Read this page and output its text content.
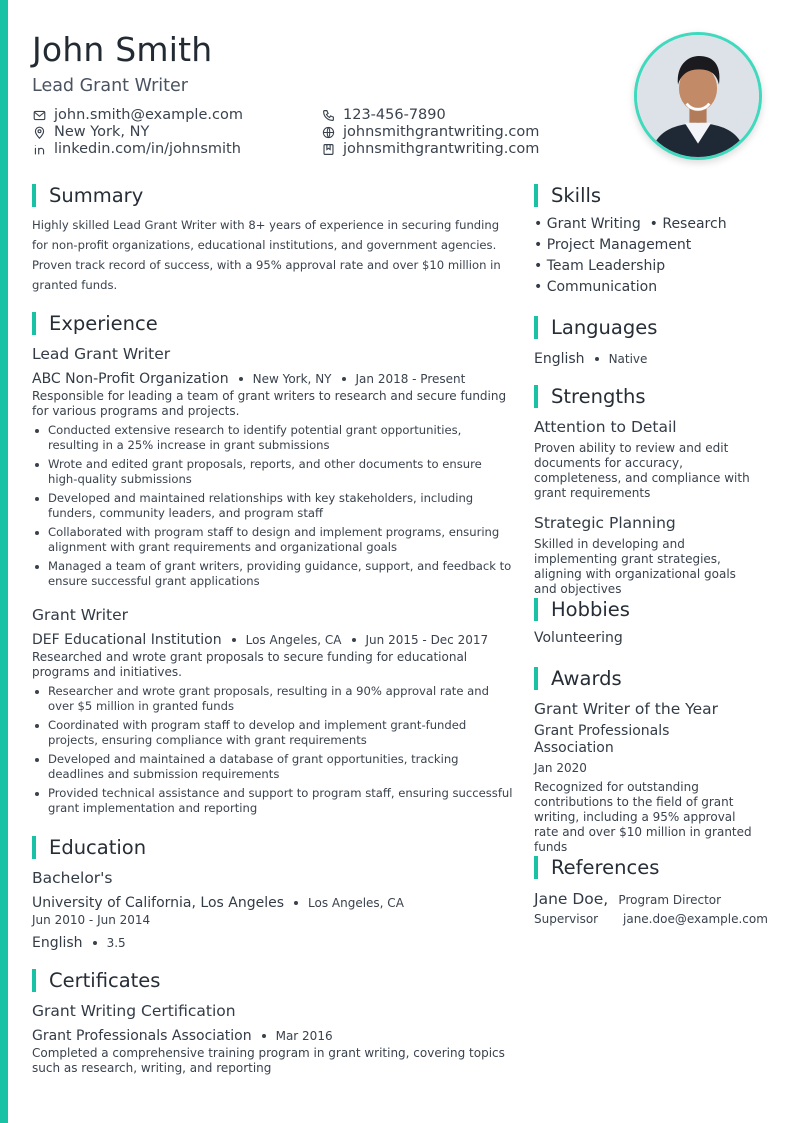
John Smith
Lead Grant Writer
john.smith@example.com
New York, NY
linkedin.com/in/johnsmith
123-456-7890
johnsmithgrantwriting.com
johnsmithgrantwriting.com
Summary
Highly skilled Lead Grant Writer with 8+ years of experience in securing funding
for non-profit organizations, educational institutions, and government agencies.
Proven track record of success, with a 95% approval rate and over $10 million in
granted funds.
Experience
Lead Grant Writer
ABC Non-Profit Organization New York, NY Jan 2018 - Present
Responsible for leading a team of grant writers to research and secure funding for various programs and projects.
Conducted extensive research to identify potential grant opportunities, resulting in a 25% increase in grant submissions
Wrote and edited grant proposals, reports, and other documents to ensure high-quality submissions
Developed and maintained relationships with key stakeholders, including funders, community leaders, and program staff
Collaborated with program staff to design and implement programs, ensuring alignment with grant requirements and organizational goals
Managed a team of grant writers, providing guidance, support, and feedback to ensure successful grant applications
Grant Writer
DEF Educational Institution Los Angeles, CA Jun 2015 - Dec 2017
Researched and wrote grant proposals to secure funding for educational programs and initiatives.
Researcher and wrote grant proposals, resulting in a 90% approval rate and over $5 million in granted funds
Coordinated with program staff to develop and implement grant-funded projects, ensuring compliance with grant requirements
Developed and maintained a database of grant opportunities, tracking deadlines and submission requirements
Provided technical assistance and support to program staff, ensuring successful grant implementation and reporting
Education
Bachelor's
University of California, Los Angeles Los Angeles, CA
Jun 2010 - Jun 2014
English 3.5
Certificates
Grant Writing Certification
Grant Professionals Association Mar 2016
Completed a comprehensive training program in grant writing, covering topics such as research, writing, and reporting
Skills
• Grant Writing • Research
• Project Management
• Team Leadership
• Communication
Languages
English Native
Strengths
Attention to Detail
Proven ability to review and edit documents for accuracy, completeness, and compliance with grant requirements
Strategic Planning
Skilled in developing and implementing grant strategies, aligning with organizational goals and objectives
Hobbies
Volunteering
Awards
Grant Writer of the Year
Grant Professionals Association
Jan 2020
Recognized for outstanding contributions to the field of grant writing, including a 95% approval rate and over $10 million in granted funds
References
Jane Doe, Program Director
Supervisor jane.doe@example.com
